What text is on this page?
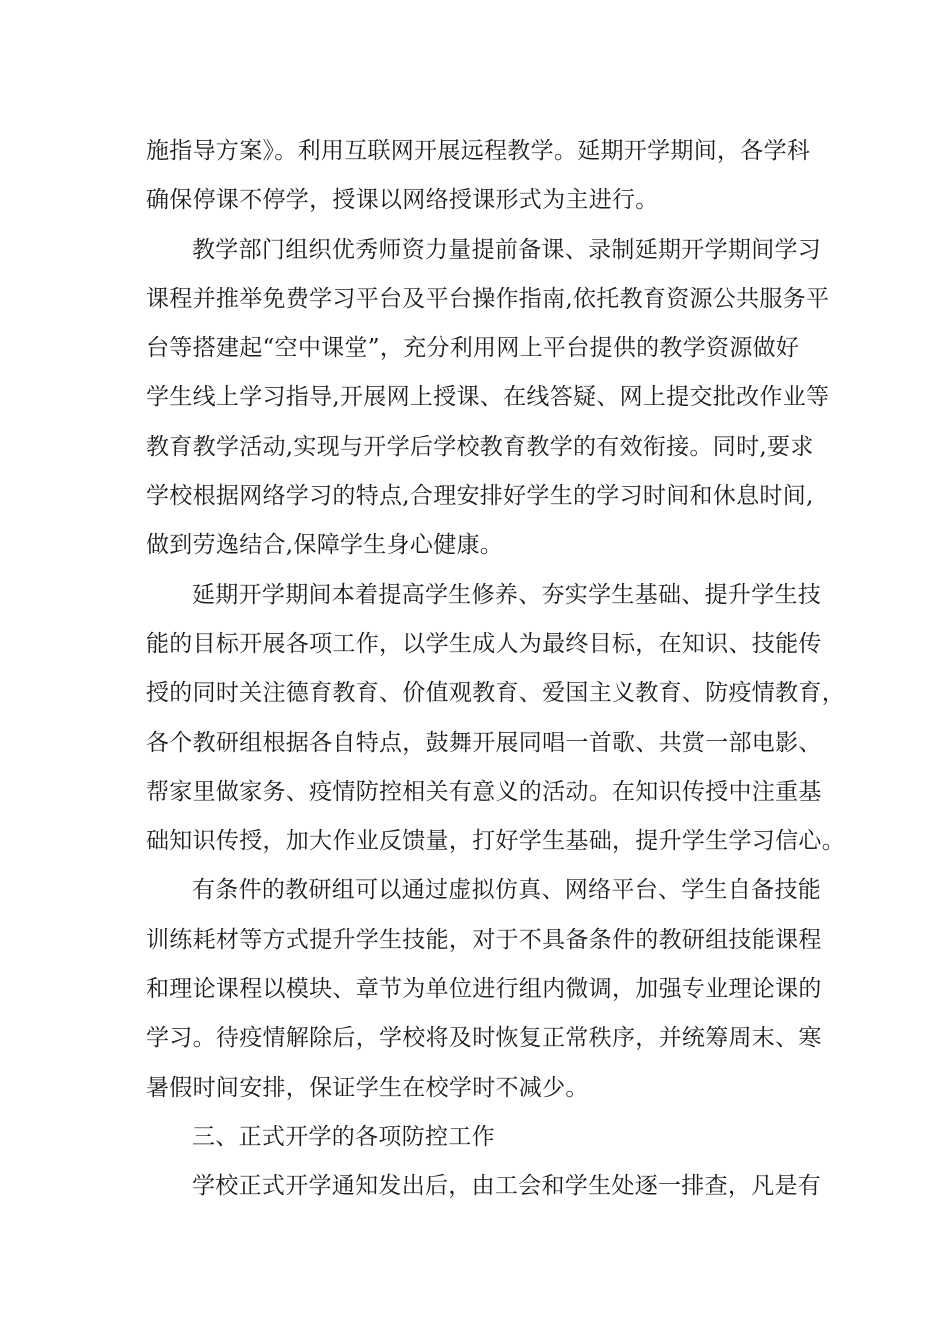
施指导方案》。利用互联网开展远程教学。延期开学期间，各学科
确保停课不停学，授课以网络授课形式为主进行。

教学部门组织优秀师资力量提前备课、录制延期开学期间学习
课程并推举免费学习平台及平台操作指南,依托教育资源公共服务平
台等搭建起“空中课堂”，充分利用网上平台提供的教学资源做好
学生线上学习指导,开展网上授课、在线答疑、网上提交批改作业等
教育教学活动,实现与开学后学校教育教学的有效衔接。同时,要求
学校根据网络学习的特点,合理安排好学生的学习时间和休息时间,
做到劳逸结合,保障学生身心健康。

延期开学期间本着提高学生修养、夯实学生基础、提升学生技
能的目标开展各项工作，以学生成人为最终目标，在知识、技能传
授的同时关注德育教育、价值观教育、爱国主义教育、防疫情教育，
各个教研组根据各自特点，鼓舞开展同唱一首歌、共赏一部电影、
帮家里做家务、疫情防控相关有意义的活动。在知识传授中注重基
础知识传授，加大作业反馈量，打好学生基础，提升学生学习信心。

有条件的教研组可以通过虚拟仿真、网络平台、学生自备技能
训练耗材等方式提升学生技能，对于不具备条件的教研组技能课程
和理论课程以模块、章节为单位进行组内微调，加强专业理论课的
学习。待疫情解除后，学校将及时恢复正常秩序，并统筹周末、寒
暑假时间安排，保证学生在校学时不减少。

三、正式开学的各项防控工作

学校正式开学通知发出后，由工会和学生处逐一排查，凡是有
